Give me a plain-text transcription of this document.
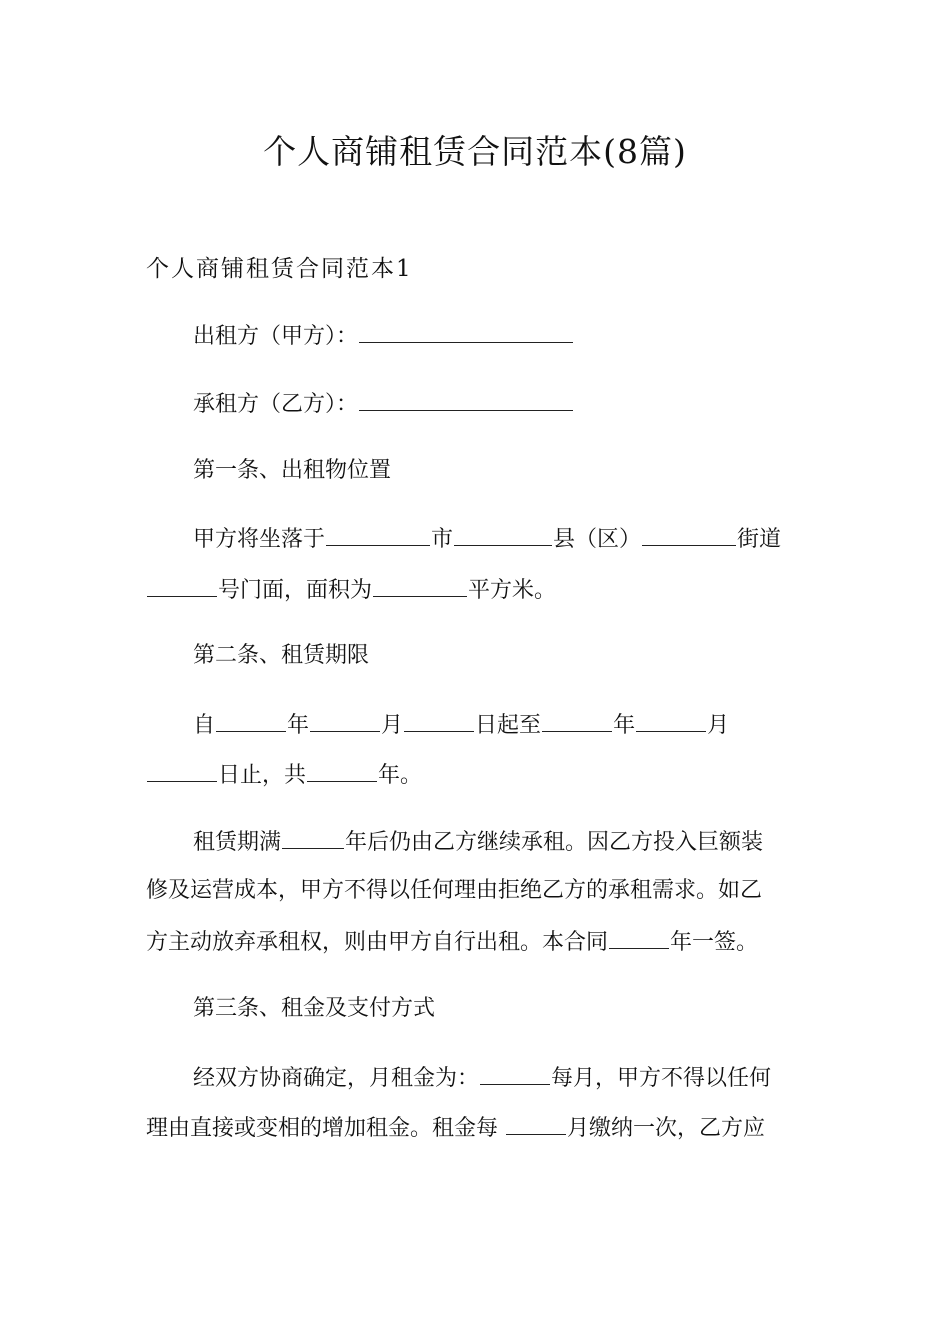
个人商铺租赁合同范本(8篇)
个人商铺租赁合同范本1
出租方（甲方）：
承租方（乙方）：
第一条、出租物位置
甲方将坐落于	市	县（区）	街道
号门面，面积为	平方米。
第二条、租赁期限
自	年	月	日起至	年	月
日止，共	年。
租赁期满	年后仍由乙方继续承租。因乙方投入巨额装
修及运营成本，甲方不得以任何理由拒绝乙方的承租需求。如乙
方主动放弃承租权，则由甲方自行出租。本合同	年一签。
第三条、租金及支付方式
经双方协商确定，月租金为：	每月，甲方不得以任何
理由直接或变相的增加租金。租金每	月缴纳一次，乙方应
